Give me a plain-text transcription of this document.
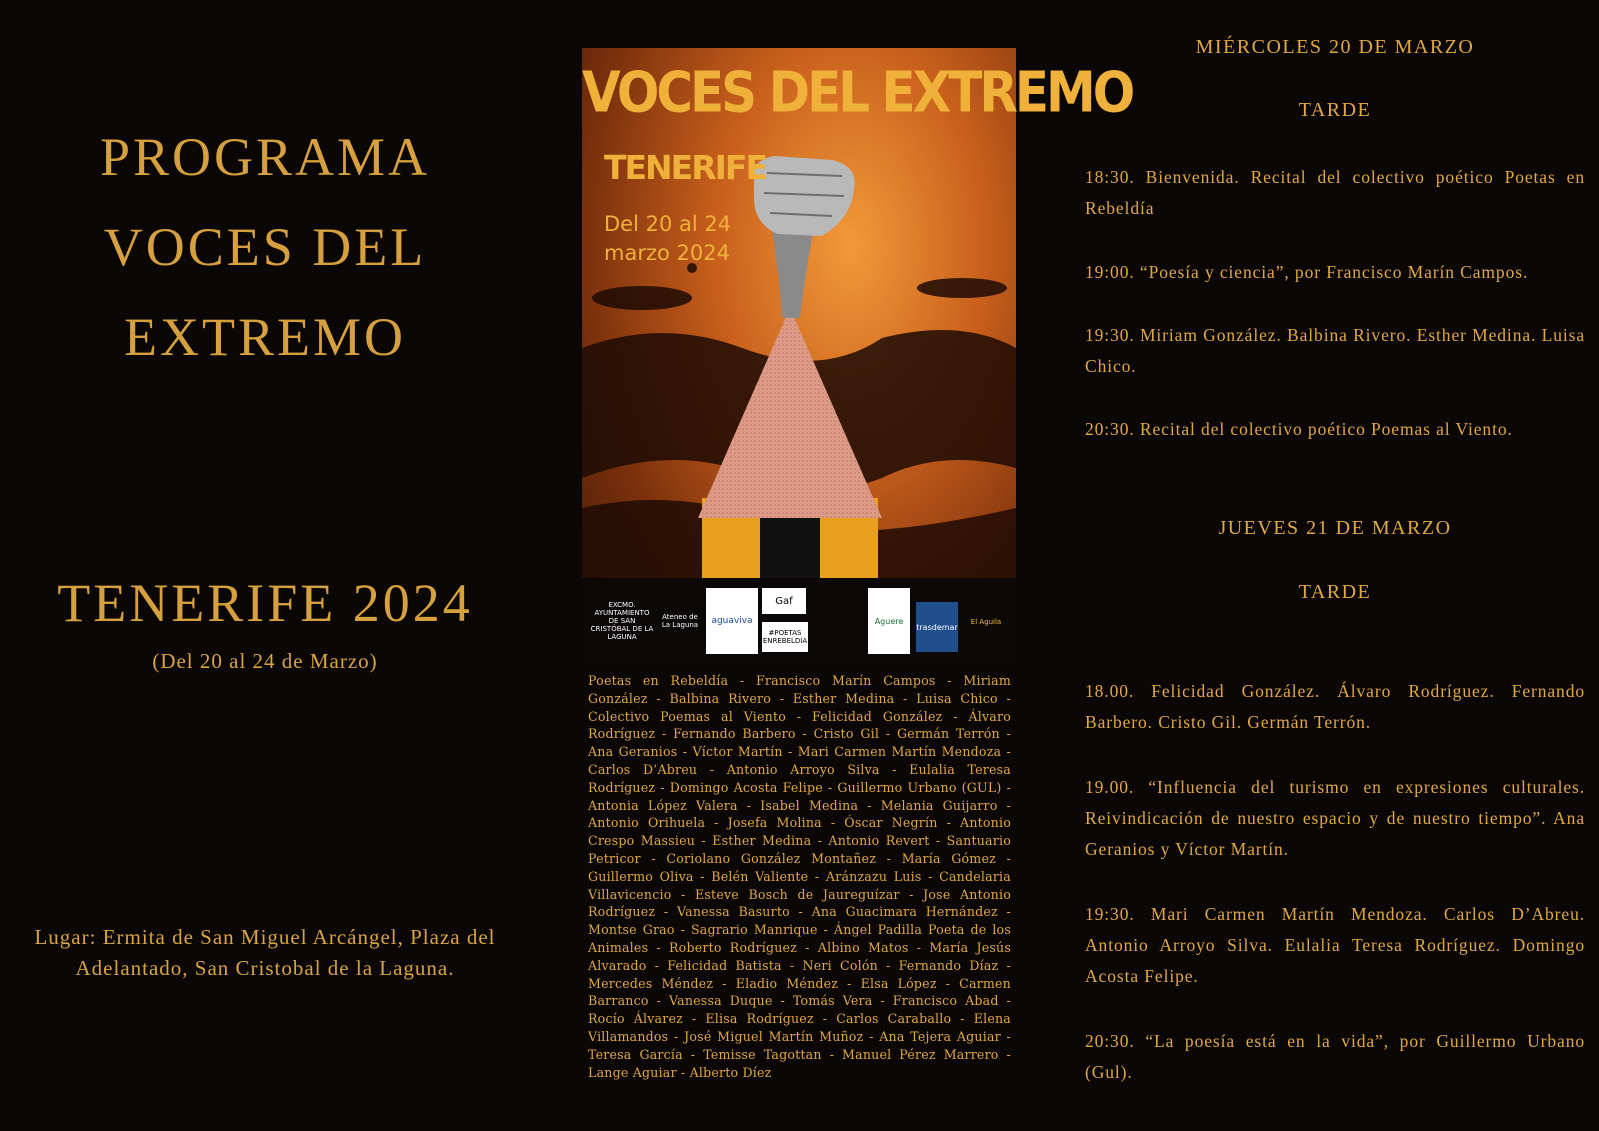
PROGRAMA
VOCES DEL
EXTREMO
TENERIFE 2024
(Del 20 al 24 de Marzo)
Lugar: Ermita de San Miguel Arcángel, Plaza del Adelantado, San Cristobal de la Laguna.
VOCES DEL EXTREMO
TENERIFE
Del 20 al 24
marzo 2024
EXCMO. AYUNTAMIENTO DE SAN CRISTÓBAL DE LA LAGUNA
Ateneo de La Laguna	aguaviva
Gaf
#POETAS ENREBELDÍA
Aguere
trasdemar
El Aguila
Poetas en Rebeldía - Francisco Marín Campos - Miriam González - Balbina Rivero - Esther Medina - Luisa Chico - Colectivo Poemas al Viento - Felicidad González - Álvaro Rodríguez - Fernando Barbero - Cristo Gil - Germán Terrón - Ana Geranios - Víctor Martín - Mari Carmen Martín Mendoza - Carlos D’Abreu - Antonio Arroyo Silva - Eulalia Teresa Rodríguez - Domingo Acosta Felipe - Guillermo Urbano (GUL) - Antonia López Valera - Isabel Medina - Melania Guijarro - Antonio Orihuela - Josefa Molina - Óscar Negrín - Antonio Crespo Massieu - Esther Medina - Antonio Revert - Santuario Petricor - Coriolano González Montañez - María Gómez - Guillermo Oliva - Belén Valiente - Aránzazu Luis - Candelaria Villavicencio - Esteve Bosch de Jaureguízar - Jose Antonio Rodríguez - Vanessa Basurto - Ana Guacimara Hernández - Montse Grao - Sagrario Manrique - Ángel Padilla Poeta de los Animales - Roberto Rodríguez - Albino Matos - María Jesús Alvarado - Felicidad Batista - Neri Colón - Fernando Díaz - Mercedes Méndez - Eladio Méndez - Elsa López - Carmen Barranco - Vanessa Duque - Tomás Vera - Francisco Abad - Rocío Álvarez - Elisa Rodríguez - Carlos Caraballo - Elena Villamandos - José Miguel Martín Muñoz - Ana Tejera Aguiar - Teresa García - Temisse Tagottan - Manuel Pérez Marrero - Lange Aguiar - Alberto Díez
MIÉRCOLES 20 DE MARZO
TARDE
18:30. Bienvenida. Recital del colectivo poético Poetas en Rebeldía
19:00. “Poesía y ciencia”, por Francisco Marín Campos.
19:30. Miriam González. Balbina Rivero. Esther Medina. Luisa Chico.
20:30. Recital del colectivo poético Poemas al Viento.
JUEVES 21 DE MARZO
TARDE
18.00. Felicidad González. Álvaro Rodríguez. Fernando Barbero. Cristo Gil. Germán Terrón.
19.00. “Influencia del turismo en expresiones culturales. Reivindicación de nuestro espacio y de nuestro tiempo”. Ana Geranios y Víctor Martín.
19:30. Mari Carmen Martín Mendoza. Carlos D’Abreu. Antonio Arroyo Silva. Eulalia Teresa Rodríguez. Domingo Acosta Felipe.
20:30. “La poesía está en la vida”, por Guillermo Urbano (Gul).
